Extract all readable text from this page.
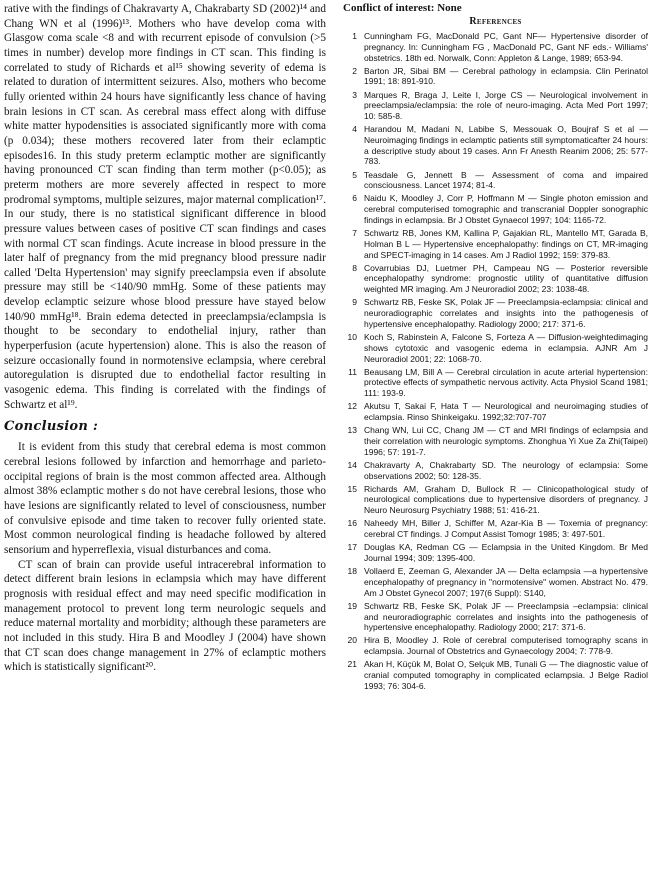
rative with the findings of Chakravarty A, Chakrabarty SD (2002)¹⁴ and Chang WN et al (1996)¹³. Mothers who have develop coma with Glasgow coma scale <8 and with recurrent episode of convulsion (>5 times in number) develop more findings in CT scan. This finding is correlated to study of Richards et al¹⁵ showing severity of edema is related to duration of intermittent seizures. Also, mothers who become fully oriented within 24 hours have significantly less chance of having brain lesions in CT scan. As cerebral mass effect along with diffuse white matter hypodensities is associated significantly more with coma (p 0.034); these mothers recovered later from their eclamptic episodes16. In this study preterm eclamptic mother are significantly having pronounced CT scan finding than term mother (p<0.05); as preterm mothers are more severely affected in respect to more prodromal symptoms, multiple seizures, major maternal complication¹⁷. In our study, there is no statistical significant difference in blood pressure values between cases of positive CT scan findings and cases with normal CT scan findings. Acute increase in blood pressure in the later half of pregnancy from the mid pregnancy blood pressure nadir called 'Delta Hypertension' may signify preeclampsia even if absolute pressure may still be <140/90 mmHg. Some of these patients may develop eclamptic seizure whose blood pressure have stayed below 140/90 mmHg¹⁸. Brain edema detected in preeclampsia/eclampsia is thought to be secondary to endothelial injury, rather than hyperperfusion (acute hypertension) alone. This is also the reason of seizure occasionally found in normotensive eclampsia, where cerebral autoregulation is disrupted due to endothelial factor resulting in vasogenic edema. This finding is correlated with the findings of Schwartz et al¹⁹.

Conclusion :

It is evident from this study that cerebral edema is most common cerebral lesions followed by infarction and hemorrhage and parieto-occipital regions of brain is the most common affected area. Although almost 38% eclamptic mother s do not have cerebral lesions, those who have lesions are significantly related to level of consciousness, number of convulsive episode and time taken to recover fully oriented state. Most common neurological finding is headache followed by altered sensorium and hyperreflexia, visual disturbances and coma.

CT scan of brain can provide useful intracerebral information to detect different brain lesions in eclampsia which may have different prognosis with residual effect and may need specific modification in management protocol to prevent long term neurologic sequels and reduce maternal mortality and morbidity; although these parameters are not included in this study. Hira B and Moodley J (2004) have shown that CT scan does change management in 27% of eclamptic mothers which is statistically significant²⁰.

Conflict of interest: None
References
1 Cunningham FG, MacDonald PC, Gant NF— Hypertensive disorder of pregnancy. In: Cunningham FG , MacDonald PC, Gant NF eds.- Williams' obstetrics. 18th ed. Norwalk, Conn: Appleton & Lange, 1989; 653-94.
2 Barton JR, Sibai BM — Cerebral pathology in eclampsia. Clin Perinatol 1991; 18: 891-910.
3 Marques R, Braga J, Leite I, Jorge CS — Neurological involvement in preeclampsia/eclampsia: the role of neuro-imaging. Acta Med Port 1997; 10: 585-8.
4 Harandou M, Madani N, Labibe S, Messouak O, Boujraf S et al — Neuroimaging findings in eclamptic patients still symptomaticafter 24 hours: a descriptive study about 19 cases. Ann Fr Anesth Reanim 2006; 25: 577-783.
5 Teasdale G, Jennett B — Assessment of coma and impaired consciousness. Lancet 1974; 81-4.
6 Naidu K, Moodley J, Corr P, Hoffmann M — Single photon emission and cerebral computerised tomographic and transcranial Doppler sonographic findings in eclampsia. Br J Obstet Gynaecol 1997; 104: 1165-72.
7 Schwartz RB, Jones KM, Kallina P, Gajakian RL, Mantello MT, Garada B, Holman B L — Hypertensive encephalopathy: findings on CT, MR-imaging and SPECT-imaging in 14 cases. Am J Radiol 1992; 159: 379-83.
8 Covarrubias DJ, Luetmer PH, Campeau NG — Posterior reversible encephalopathy syndrome: prognostic utility of quantitative diffusion weighted MR imaging. Am J Neuroradiol 2002; 23: 1038-48.
9 Schwartz RB, Feske SK, Polak JF — Preeclampsia-eclampsia: clinical and neuroradiographic correlates and insights into the pathogenesis of hypertensive encephalopathy. Radiology 2000; 217: 371-6.
10 Koch S, Rabinstein A, Falcone S, Forteza A — Diffusion-weightedimaging shows cytotoxic and vasogenic edema in eclampsia. AJNR Am J Neuroradiol 2001; 22: 1068-70.
11 Beausang LM, Bill A — Cerebral circulation in acute arterial hypertension: protective effects of sympathetic nervous activity. Acta Physiol Scand 1981; 111: 193-9.
12 Akutsu T, Sakai F, Hata T — Neurological and neuroimaging studies of eclampsia. Rinso Shinkeigaku. 1992;32:707-707
13 Chang WN, Lui CC, Chang JM — CT and MRI findings of eclampsia and their correlation with neurologic symptoms. Zhonghua Yi Xue Za Zhi(Taipei) 1996; 57: 191-7.
14 Chakravarty A, Chakrabarty SD. The neurology of eclampsia: Some observations 2002; 50: 128-35.
15 Richards AM, Graham D, Bullock R — Clinicopathological study of neurological complications due to hypertensive disorders of pregnancy. J Neuro Neurosurg Psychiatry 1988; 51: 416-21.
16 Naheedy MH, Biller J, Schiffer M, Azar-Kia B — Toxemia of pregnancy: cerebral CT findings. J Comput Assist Tomogr 1985; 3: 497-501.
17 Douglas KA, Redman CG — Eclampsia in the United Kingdom. Br Med Journal 1994; 309: 1395-400.
18 Vollaerd E, Zeeman G, Alexander JA — Delta eclampsia —a hypertensive encephalopathy of pregnancy in "normotensive" women. Abstract No. 479. Am J Obstet Gynecol 2007; 197(6 Suppl): S140,
19 Schwartz RB, Feske SK, Polak JF — Preeclampsia –eclampsia: clinical and neuroradiographic correlates and insights into the pathogenesis of hypertensive encephalopathy. Radiology 2000; 217: 371-6.
20 Hira B, Moodley J. Role of cerebral computerised tomography scans in eclampsia. Journal of Obstetrics and Gynaecology 2004; 7: 778-9.
21 Akan H, Küçük M, Bolat O, Selçuk MB, Tunali G — The diagnostic value of cranial computed tomography in complicated eclampsia. J Belge Radiol 1993; 76: 304-6.
